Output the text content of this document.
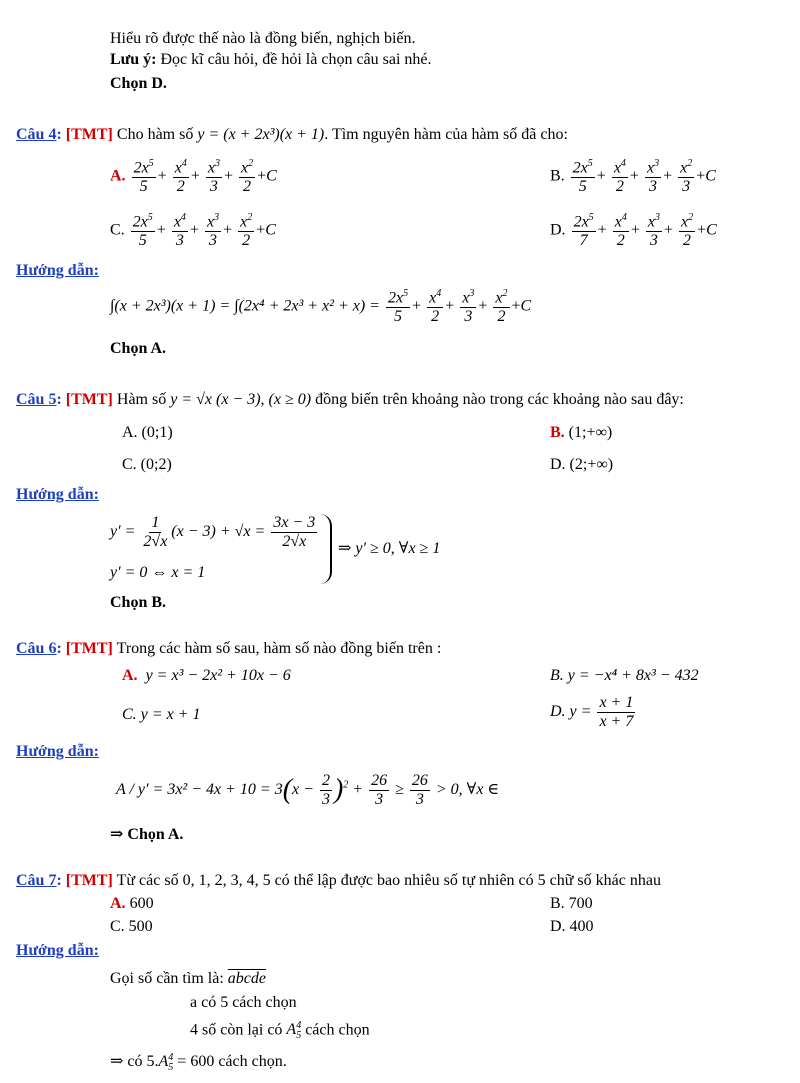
Hiểu rõ được thế nào là đồng biến, nghịch biến.
Lưu ý: Đọc kĩ câu hỏi, đề hỏi là chọn câu sai nhé.
Chọn D.
Câu 4: [TMT] Cho hàm số y = (x + 2x³)(x + 1). Tìm nguyên hàm của hàm số đã cho:
A. $\frac{2x^5}{5} + \frac{x^4}{2} + \frac{x^3}{3} + \frac{x^2}{2} +C$	B. $\frac{2x^5}{5} + \frac{x^4}{2} + \frac{x^3}{3} + \frac{x^2}{3} +C$
C. $\frac{2x^5}{5} + \frac{x^4}{3} + \frac{x^3}{3} + \frac{x^2}{2} +C$	D. $\frac{2x^5}{7} + \frac{x^4}{2} + \frac{x^3}{3} + \frac{x^2}{2} +C$
Hướng dẫn:
$\int(x + 2x^3)(x + 1) = \int(2x^4 + 2x^3 + x^2 + x) = \frac{2x^5}{5} + \frac{x^4}{2} + \frac{x^3}{3} + \frac{x^2}{2} +C$
Chọn A.
Câu 5: [TMT] Hàm số y = √x (x − 3), (x ≥ 0) đồng biến trên khoảng nào trong các khoảng nào sau đây:
A. (0;1)	B. (1;+∞)
C. (0;2)	D. (2;+∞)
Hướng dẫn:
$y' = \frac{1}{2√x} (x - 3) + √x = \frac{3x - 3}{2√x}$
y′ = 0 ⇔ x = 1
⇒ y′ ≥ 0, ∀x ≥ 1
Chọn B.
Câu 6: [TMT] Trong các hàm số sau, hàm số nào đồng biến trên :
A. y = x³ − 2x² + 10x − 6	B. y = −x⁴ + 8x³ − 432
C. y = x + 1	D. $y = \frac{x + 1}{x + 7}$
Hướng dẫn:
$A / y' = 3x^2 - 4x + 10 = 3(x - \frac{2}{3} )^2 + \frac{26}{3} \ge \frac{26}{3} > 0$, ∀x ∈
⇒ Chọn A.
Câu 7: [TMT] Từ các số 0, 1, 2, 3, 4, 5 có thể lập được bao nhiêu số tự nhiên có 5 chữ số khác nhau
A. 600	B. 700
C. 500	D. 400
Hướng dẫn:
Gọi số cần tìm là: abcde
a có 5 cách chọn
4 số còn lại có $A_5^4$ cách chọn
⇒ có $5.A_5^4 = 600$ cách chọn.
